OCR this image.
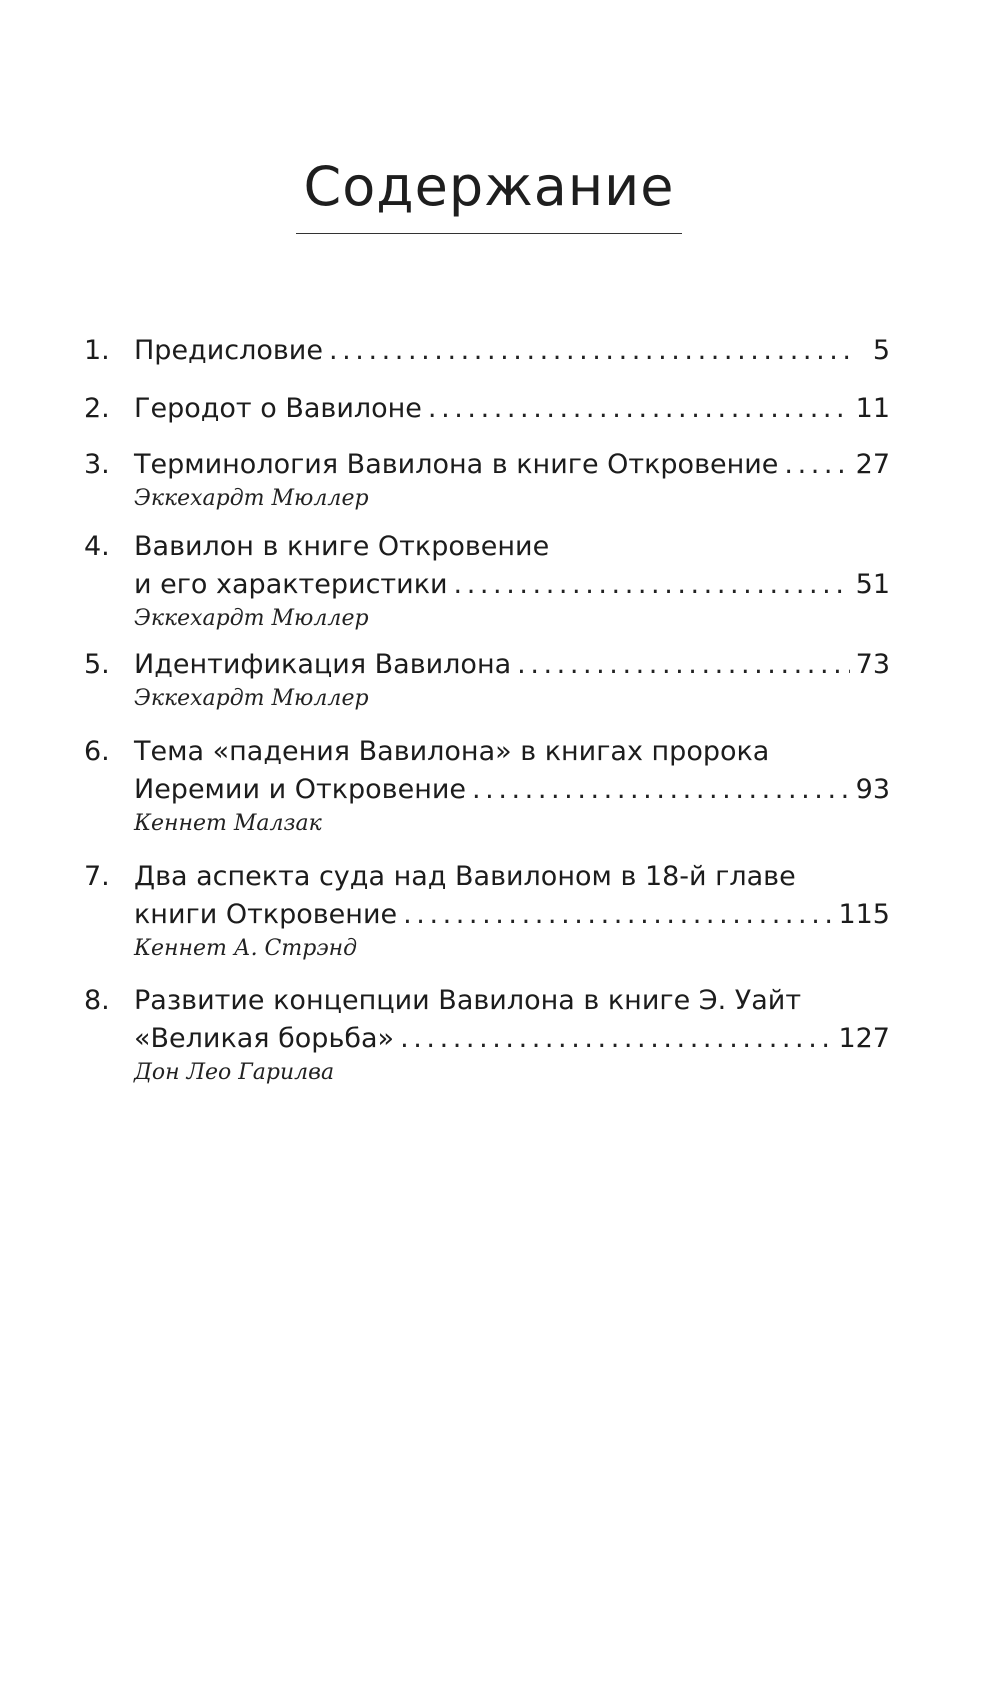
Содержание
1. Предисловие . . .	5
2. Геродот о Вавилоне . . .	11
3. Терминология Вавилона в книге Откровение . . .	27
Эккехардт Мюллер
4. Вавилон в книге Откровение
и его характеристики . . .	51
Эккехардт Мюллер
5. Идентификация Вавилона . . .	73
Эккехардт Мюллер
6. Тема «падения Вавилона» в книгах пророка
Иеремии и Откровение . . .	93
Кеннет Малзак
7. Два аспекта суда над Вавилоном в 18-й главе
книги Откровение . . .	115
Кеннет А. Стрэнд
8. Развитие концепции Вавилона в книге Э. Уайт
«Великая борьба» . . .	127
Дон Лео Гарилва
